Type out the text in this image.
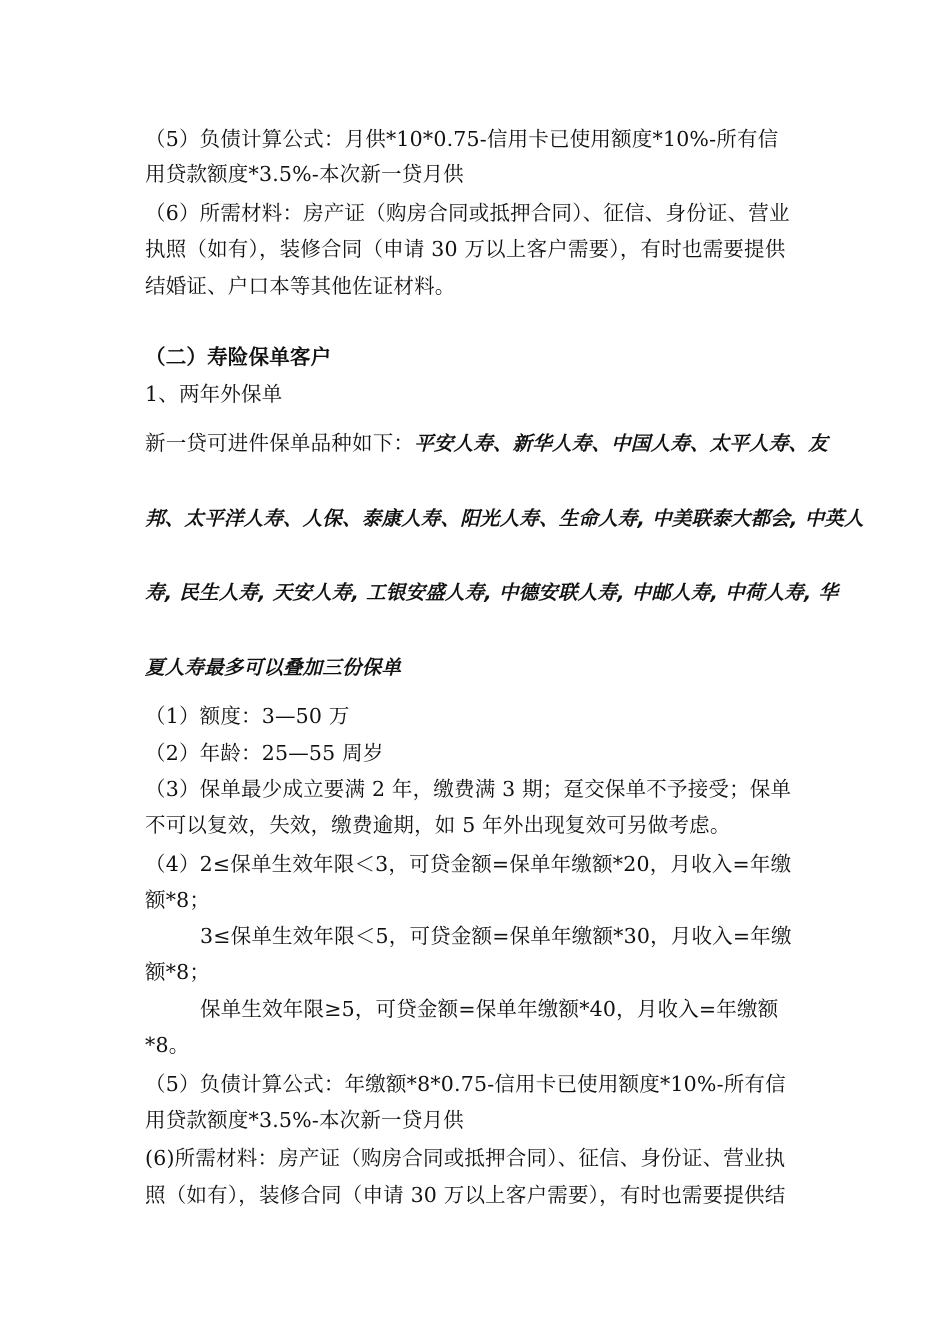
（5）负债计算公式：月供*10*0.75-信用卡已使用额度*10%-所有信
用贷款额度*3.5%-本次新一贷月供
（6）所需材料：房产证（购房合同或抵押合同）、征信、身份证、营业
执照（如有），装修合同（申请 30 万以上客户需要），有时也需要提供
结婚证、户口本等其他佐证材料。
（二）寿险保单客户
1、两年外保单
新一贷可进件保单品种如下：平安人寿、新华人寿、中国人寿、太平人寿、友
邦、太平洋人寿、人保、泰康人寿、阳光人寿、生命人寿, 中美联泰大都会, 中英人
寿, 民生人寿, 天安人寿, 工银安盛人寿, 中德安联人寿, 中邮人寿, 中荷人寿, 华
夏人寿最多可以叠加三份保单
（1）额度：3—50 万
（2）年龄：25—55 周岁
（3）保单最少成立要满 2 年，缴费满 3 期；趸交保单不予接受；保单
不可以复效，失效，缴费逾期，如 5 年外出现复效可另做考虑。
（4）2≤保单生效年限＜3，可贷金额=保单年缴额*20，月收入=年缴
额*8；
3≤保单生效年限＜5，可贷金额=保单年缴额*30，月收入=年缴
额*8；
保单生效年限≥5，可贷金额=保单年缴额*40，月收入=年缴额
*8。
（5）负债计算公式：年缴额*8*0.75-信用卡已使用额度*10%-所有信
用贷款额度*3.5%-本次新一贷月供
(6)所需材料：房产证（购房合同或抵押合同）、征信、身份证、营业执
照（如有），装修合同（申请 30 万以上客户需要），有时也需要提供结
